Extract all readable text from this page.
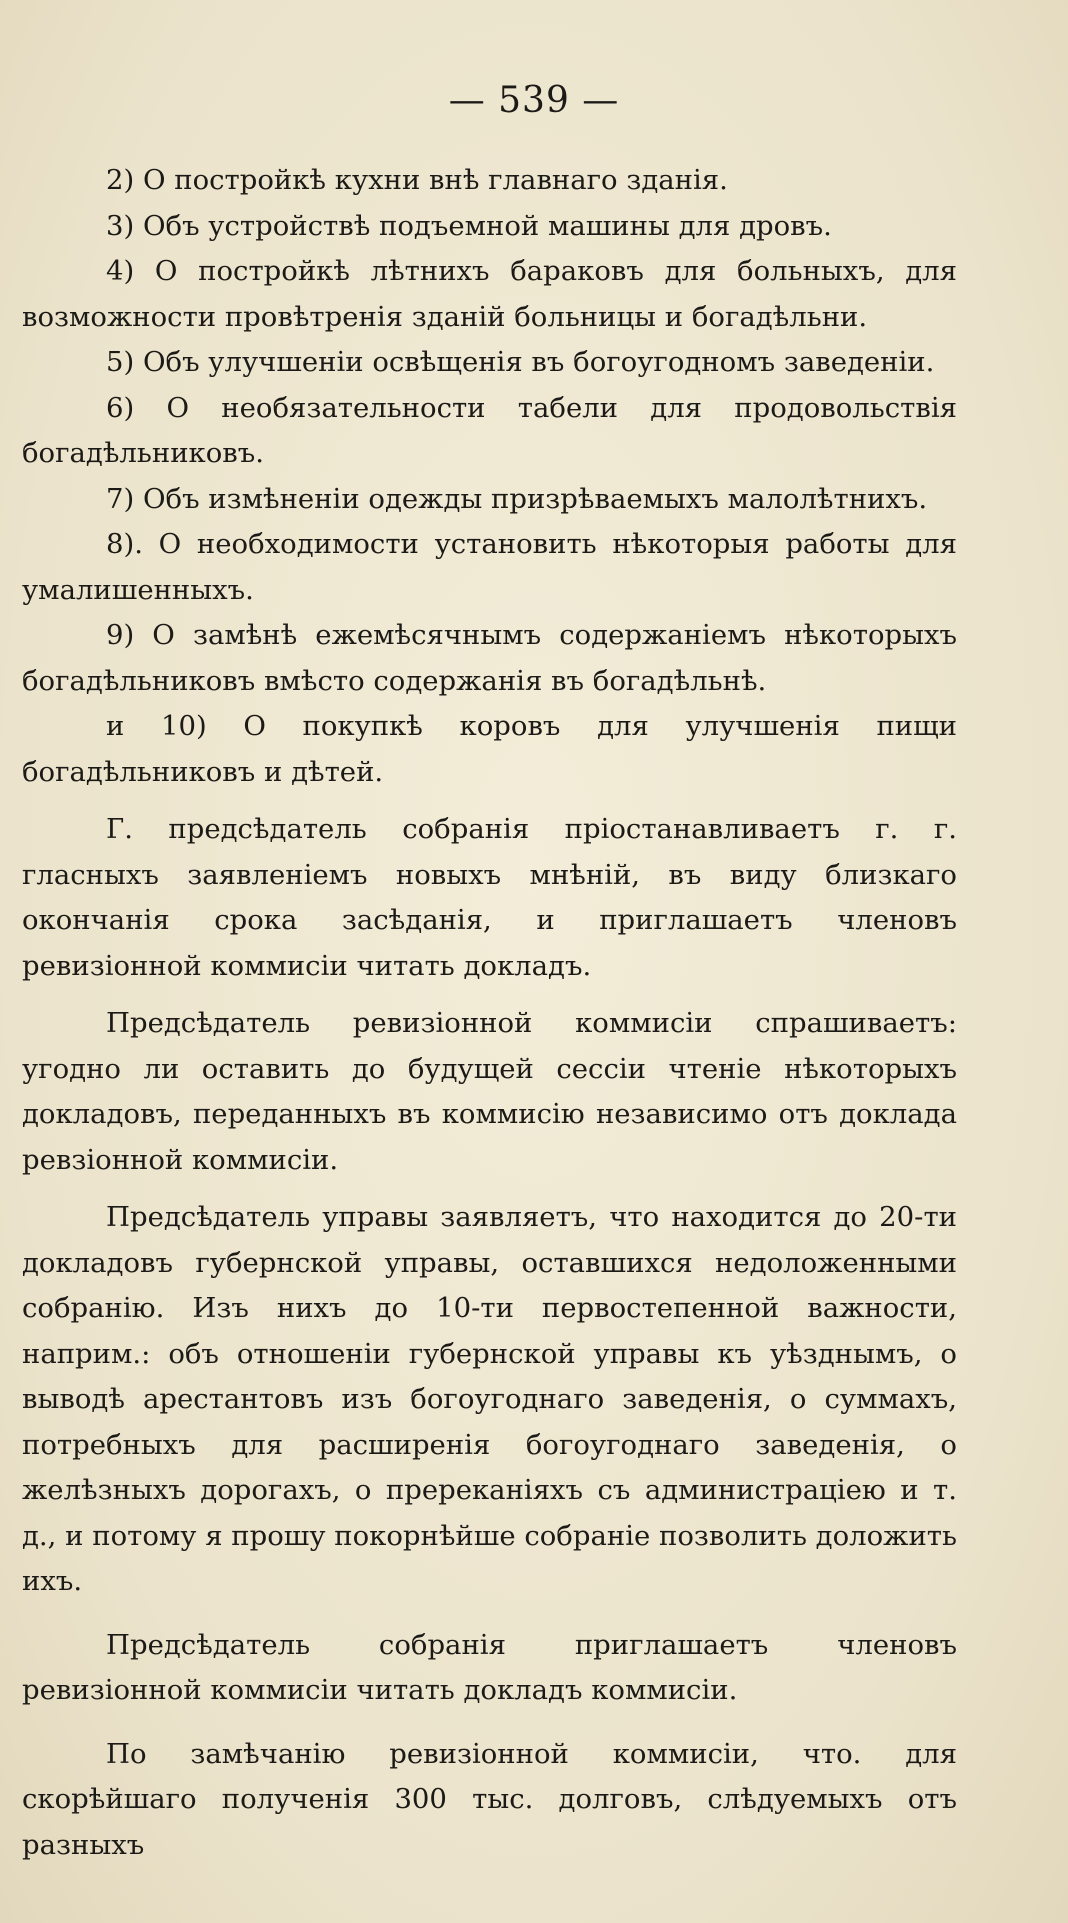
— 539 —

2) О постройкѣ кухни внѣ главнаго зданія.

3) Объ устройствѣ подъемной машины для дровъ.

4) О постройкѣ лѣтнихъ бараковъ для больныхъ, для возможности провѣтренія зданій больницы и богадѣльни.

5) Объ улучшеніи освѣщенія въ богоугодномъ заведеніи.

6) О необязательности табели для продовольствія богадѣльниковъ.

7) Объ измѣненіи одежды призрѣваемыхъ малолѣтнихъ.

8). О необходимости установить нѣкоторыя работы для умалишенныхъ.

9) О замѣнѣ ежемѣсячнымъ содержаніемъ нѣкоторыхъ богадѣльниковъ вмѣсто содержанія въ богадѣльнѣ.

и 10) О покупкѣ коровъ для улучшенія пищи богадѣльниковъ и дѣтей.

Г. предсѣдатель собранія пріостанавливаетъ г. г. гласныхъ заявленіемъ новыхъ мнѣній, въ виду близкаго окончанія срока засѣданія, и приглашаетъ членовъ ревизіонной коммисіи читать докладъ.

Предсѣдатель ревизіонной коммисіи спрашиваетъ: угодно ли оставить до будущей сессіи чтеніе нѣкоторыхъ докладовъ, переданныхъ въ коммисію независимо отъ доклада ревзіонной коммисіи.

Предсѣдатель управы заявляетъ, что находится до 20-ти докладовъ губернской управы, оставшихся недоложенными собранію. Изъ нихъ до 10-ти первостепенной важности, наприм.: объ отношеніи губернской управы къ уѣзднымъ, о выводѣ арестантовъ изъ богоугоднаго заведенія, о суммахъ, потребныхъ для расширенія богоугоднаго заведенія, о желѣзныхъ дорогахъ, о пререканіяхъ съ администраціею и т. д., и потому я прошу покорнѣйше собраніе позволить доложить ихъ.

Предсѣдатель собранія приглашаетъ членовъ ревизіонной коммисіи читать докладъ коммисіи.

По замѣчанію ревизіонной коммисіи, что. для скорѣйшаго полученія 300 тыс. долговъ, слѣдуемыхъ отъ разныхъ
